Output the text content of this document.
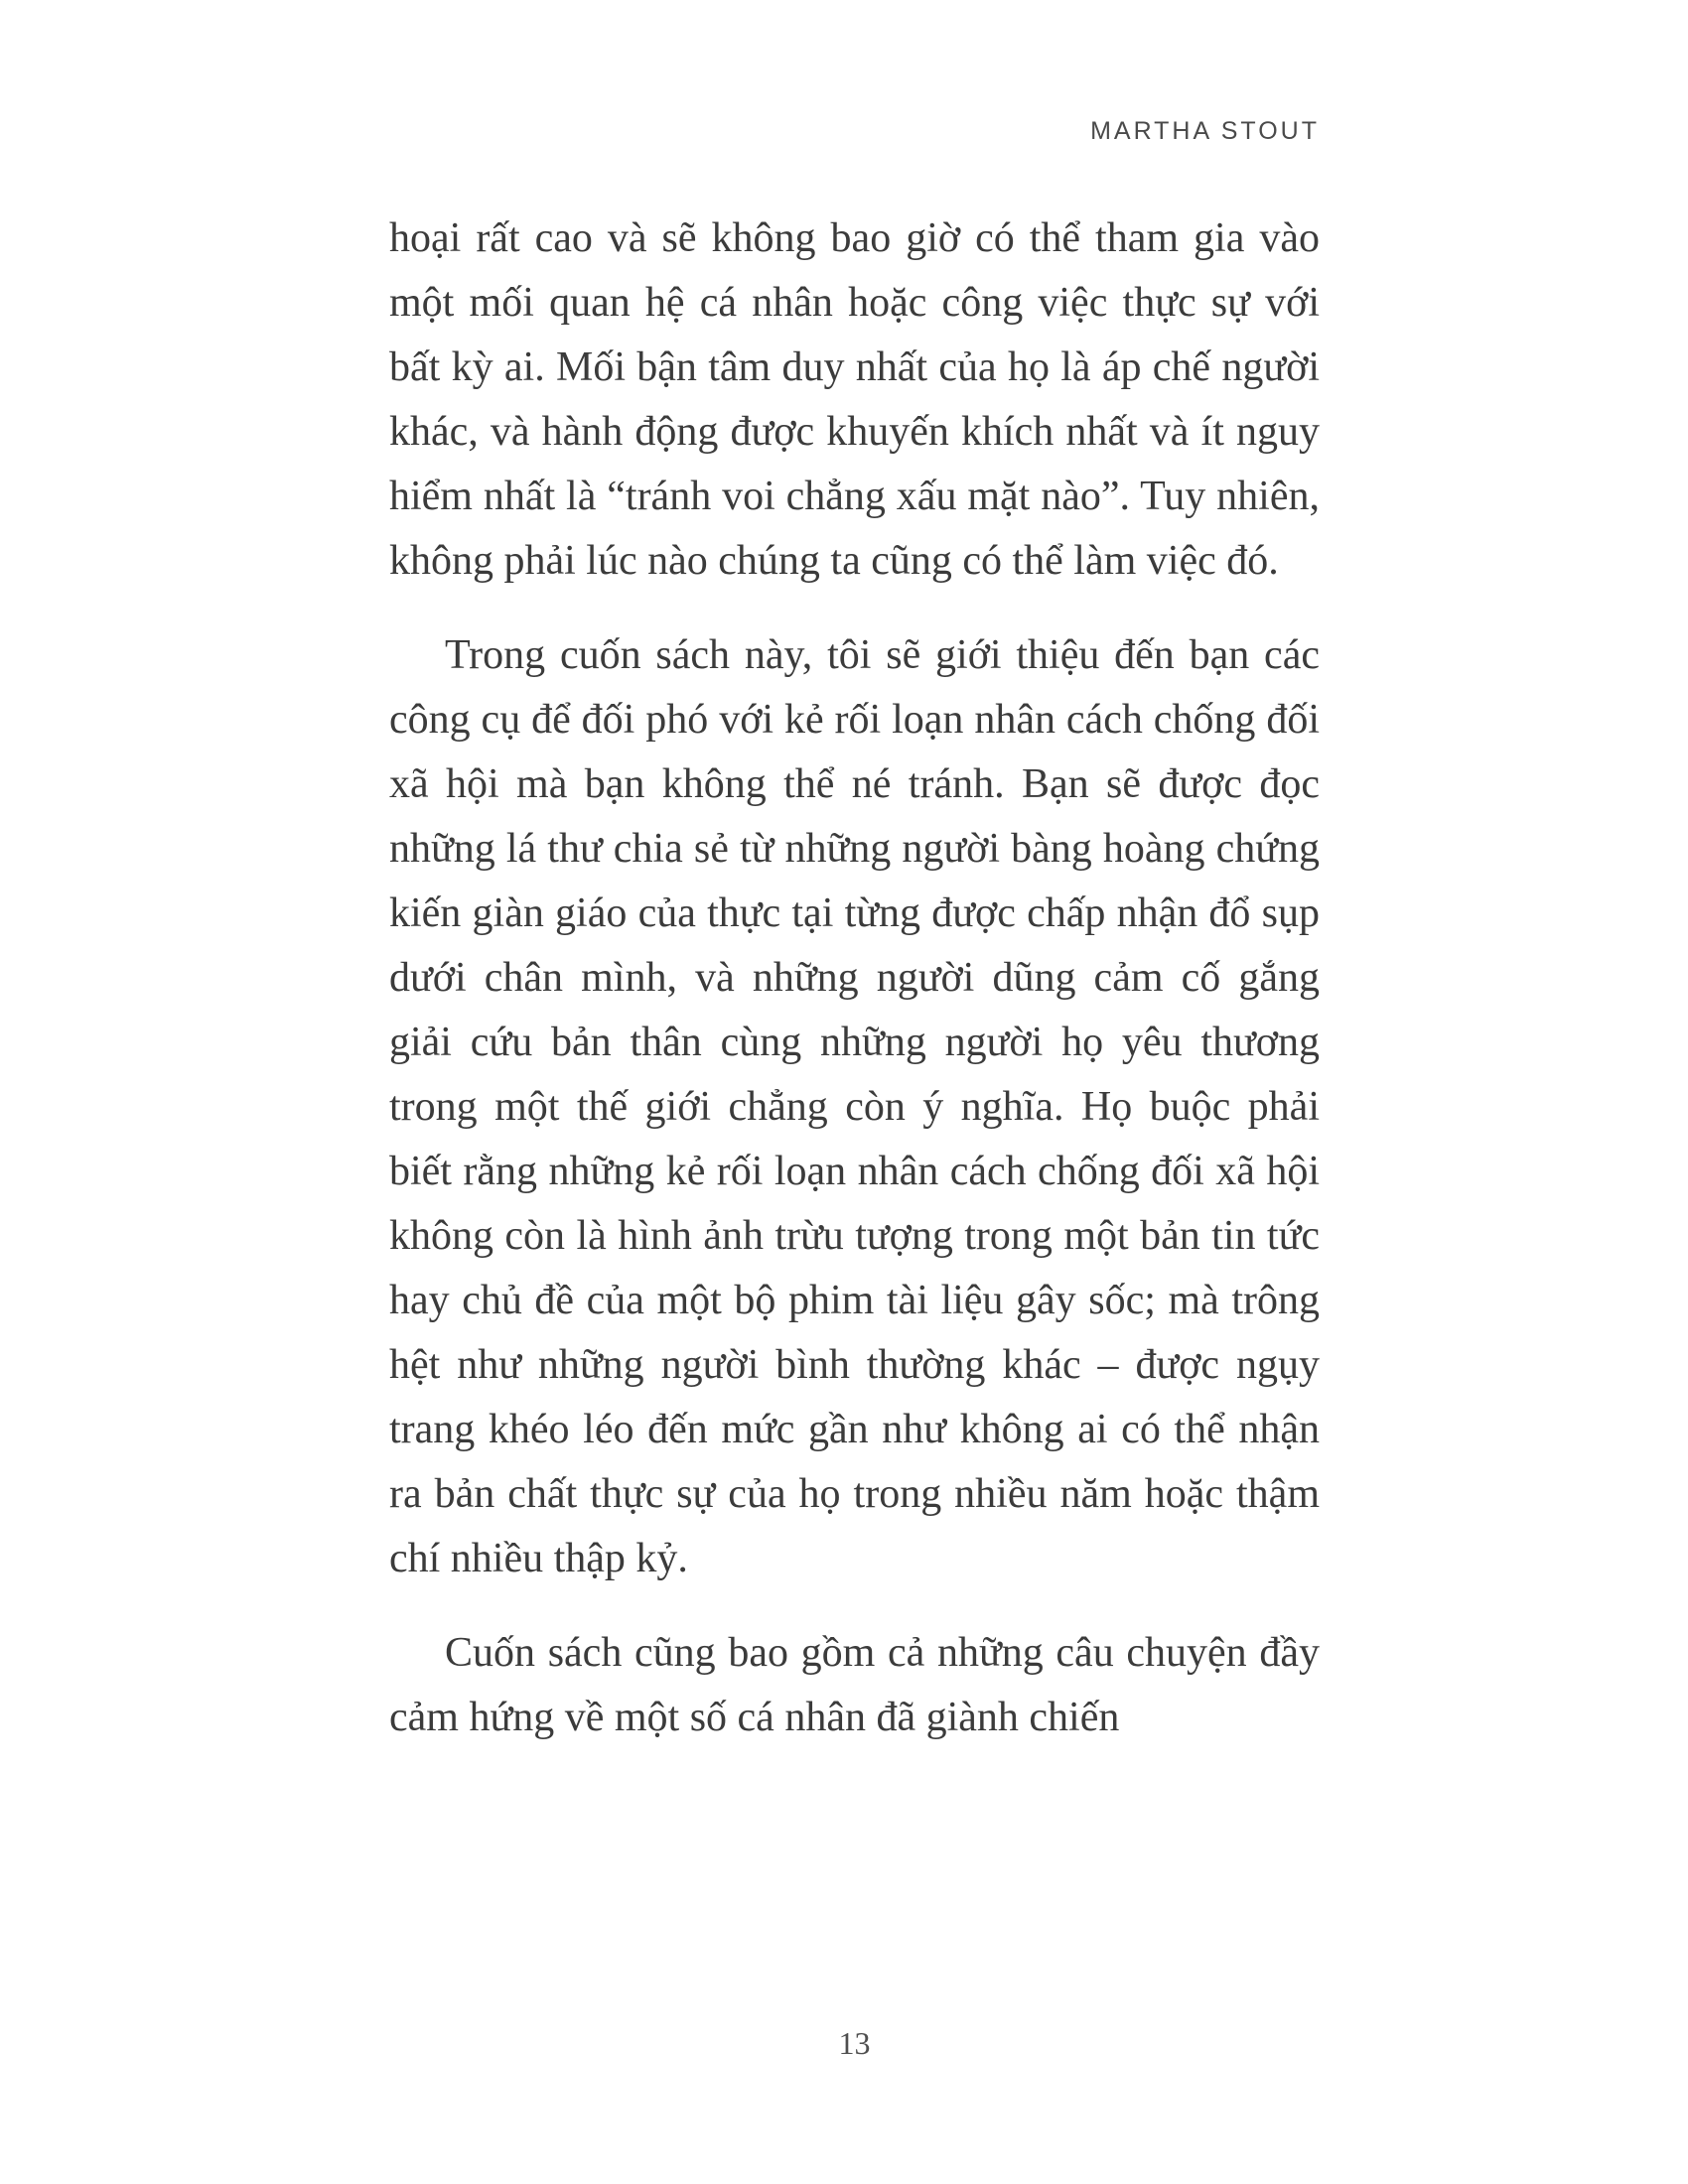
MARTHA STOUT

hoại rất cao và sẽ không bao giờ có thể tham gia vào một mối quan hệ cá nhân hoặc công việc thực sự với bất kỳ ai. Mối bận tâm duy nhất của họ là áp chế người khác, và hành động được khuyến khích nhất và ít nguy hiểm nhất là “tránh voi chẳng xấu mặt nào”. Tuy nhiên, không phải lúc nào chúng ta cũng có thể làm việc đó.

Trong cuốn sách này, tôi sẽ giới thiệu đến bạn các công cụ để đối phó với kẻ rối loạn nhân cách chống đối xã hội mà bạn không thể né tránh. Bạn sẽ được đọc những lá thư chia sẻ từ những người bàng hoàng chứng kiến giàn giáo của thực tại từng được chấp nhận đổ sụp dưới chân mình, và những người dũng cảm cố gắng giải cứu bản thân cùng những người họ yêu thương trong một thế giới chẳng còn ý nghĩa. Họ buộc phải biết rằng những kẻ rối loạn nhân cách chống đối xã hội không còn là hình ảnh trừu tượng trong một bản tin tức hay chủ đề của một bộ phim tài liệu gây sốc; mà trông hệt như những người bình thường khác – được ngụy trang khéo léo đến mức gần như không ai có thể nhận ra bản chất thực sự của họ trong nhiều năm hoặc thậm chí nhiều thập kỷ.

Cuốn sách cũng bao gồm cả những câu chuyện đầy cảm hứng về một số cá nhân đã giành chiến

13
